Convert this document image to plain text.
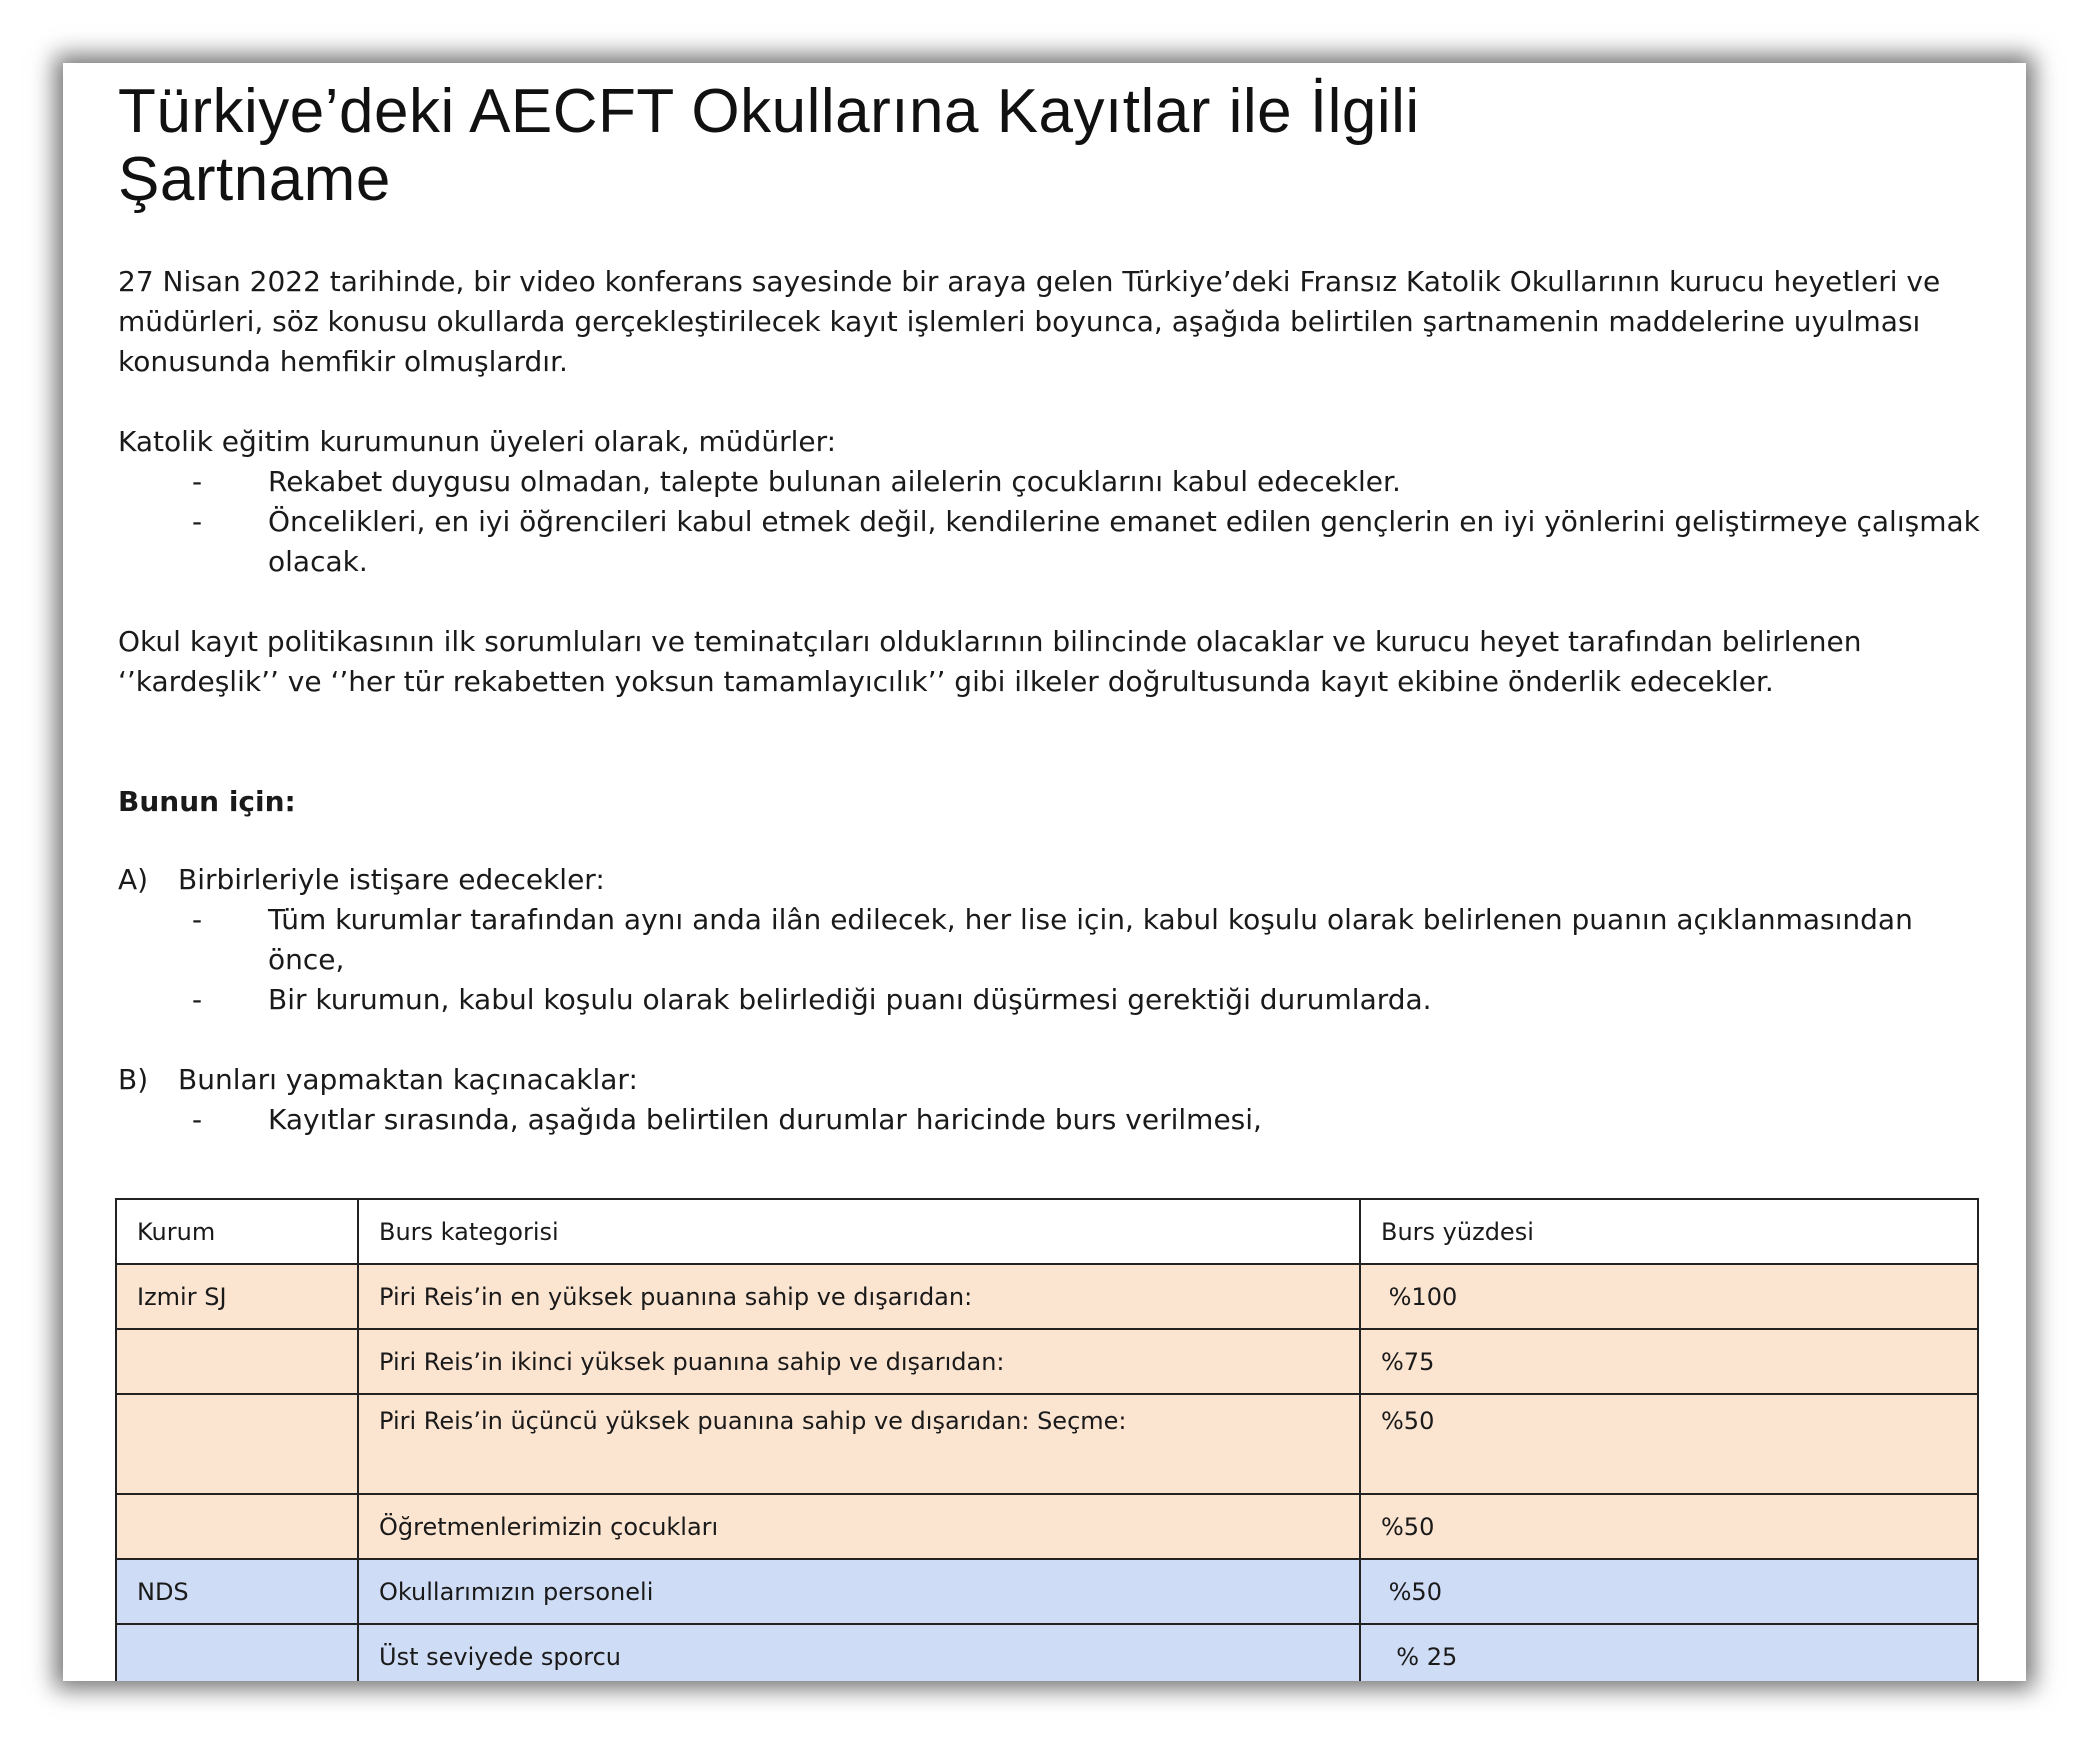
Türkiye’deki AECFT Okullarına Kayıtlar ile İlgili
Şartname

27 Nisan 2022 tarihinde, bir video konferans sayesinde bir araya gelen Türkiye’deki Fransız Katolik Okullarının kurucu heyetleri ve müdürleri, söz konusu okullarda gerçekleştirilecek kayıt işlemleri boyunca, aşağıda belirtilen şartnamenin maddelerine uyulması konusunda hemfikir olmuşlardır.

Katolik eğitim kurumunun üyeleri olarak, müdürler:

- Rekabet duygusu olmadan, talepte bulunan ailelerin çocuklarını kabul edecekler.
- Öncelikleri, en iyi öğrencileri kabul etmek değil, kendilerine emanet edilen gençlerin en iyi yönlerini geliştirmeye çalışmak olacak.

Okul kayıt politikasının ilk sorumluları ve teminatçıları olduklarının bilincinde olacaklar ve kurucu heyet tarafından belirlenen ‘’kardeşlik’’ ve ‘’her tür rekabetten yoksun tamamlayıcılık’’ gibi ilkeler doğrultusunda kayıt ekibine önderlik edecekler.

Bunun için:

A) Birbirleriyle istişare edecekler:

- Tüm kurumlar tarafından aynı anda ilân edilecek, her lise için, kabul koşulu olarak belirlenen puanın açıklanmasından önce,
- Bir kurumun, kabul koşulu olarak belirlediği puanı düşürmesi gerektiği durumlarda.

B) Bunları yapmaktan kaçınacaklar:

- Kayıtlar sırasında, aşağıda belirtilen durumlar haricinde burs verilmesi,
Kurum	Burs kategorisi	Burs yüzdesi
Izmir SJ	Piri Reis’in en yüksek puanına sahip ve dışarıdan:	%100
	Piri Reis’in ikinci yüksek puanına sahip ve dışarıdan:	%75
	Piri Reis’in üçüncü yüksek puanına sahip ve dışarıdan: Seçme:	%50
	Öğretmenlerimizin çocukları	%50
NDS	Okullarımızın personeli	%50
	Üst seviyede sporcu	% 25
